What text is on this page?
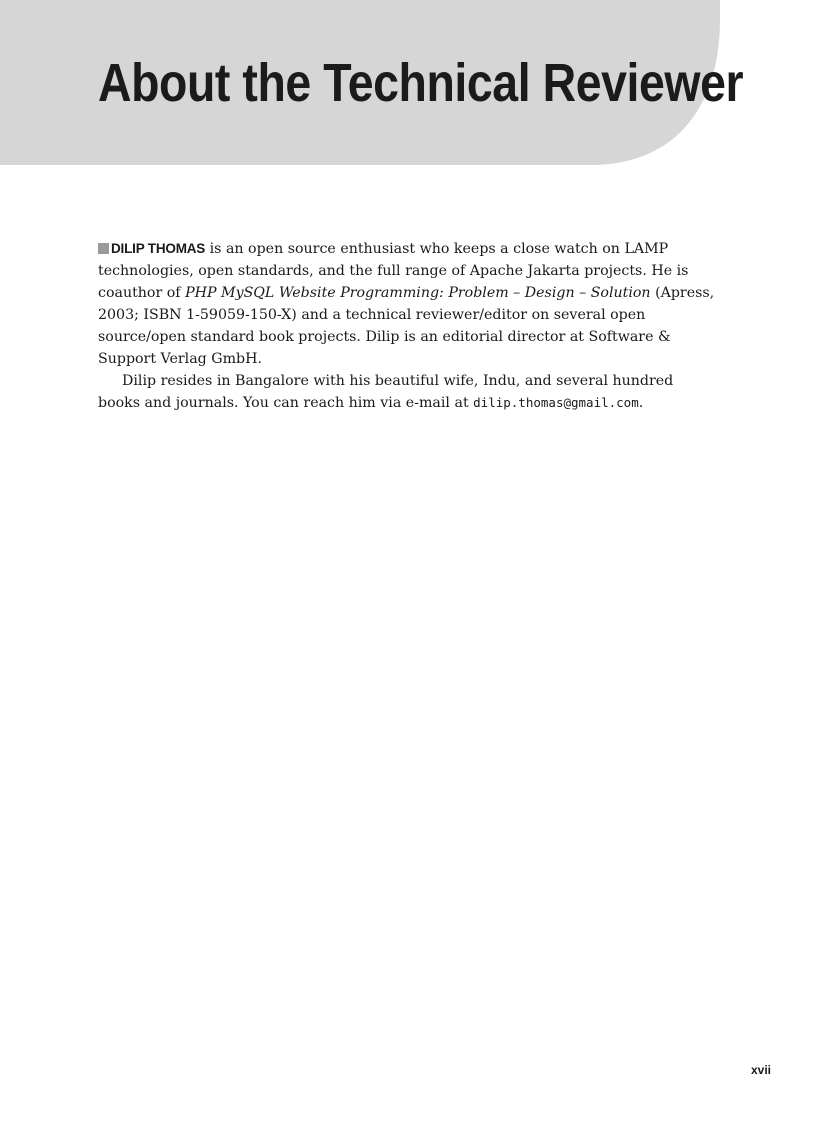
About the Technical Reviewer

DILIP THOMAS is an open source enthusiast who keeps a close watch on LAMP technologies, open standards, and the full range of Apache Jakarta projects. He is coauthor of PHP MySQL Website Programming: Problem – Design – Solution (Apress, 2003; ISBN 1-59059-150-X) and a technical reviewer/editor on several open source/open standard book projects. Dilip is an editorial director at Software & Support Verlag GmbH.

Dilip resides in Bangalore with his beautiful wife, Indu, and several hundred books and journals. You can reach him via e-mail at dilip.thomas@gmail.com.

xvii
